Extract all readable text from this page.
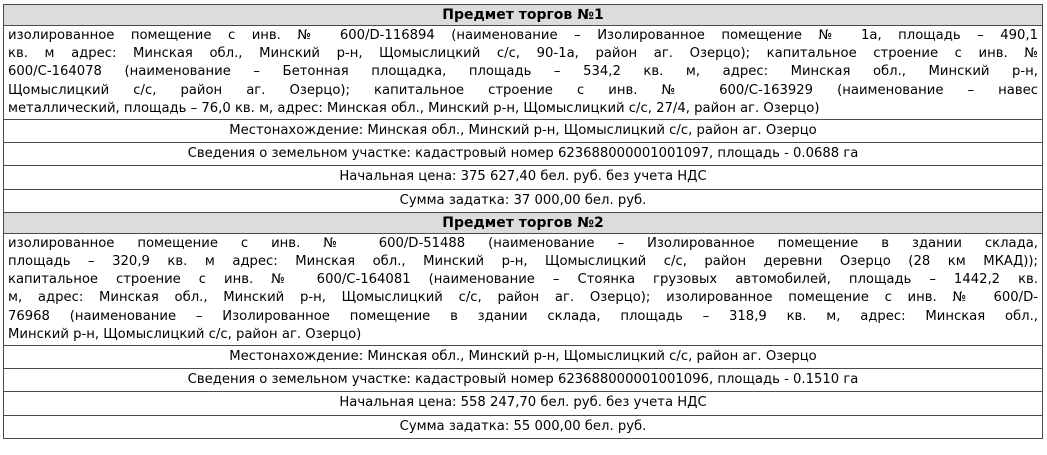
Предмет торгов №1

изолированное помещение с инв. № 600/D-116894 (наименование – Изолированное помещение № 1а, площадь – 490,1
кв. м адрес: Минская обл., Минский р-н, Щомыслицкий с/с, 90-1а, район аг. Озерцо); капитальное строение с инв. №
600/С-164078 (наименование – Бетонная площадка, площадь – 534,2 кв. м, адрес: Минская обл., Минский р-н,
Щомыслицкий с/с, район аг. Озерцо); капитальное строение с инв. № 600/С-163929 (наименование – навес
металлический, площадь – 76,0 кв. м, адрес: Минская обл., Минский р-н, Щомыслицкий с/с, 27/4, район аг. Озерцо)

Местонахождение: Минская обл., Минский р-н, Щомыслицкий с/с, район аг. Озерцо
Сведения о земельном участке: кадастровый номер 623688000001001097, площадь - 0.0688 га
Начальная цена: 375 627,40 бел. руб. без учета НДС
Сумма задатка: 37 000,00 бел. руб.
Предмет торгов №2

изолированное помещение с инв. № 600/D-51488 (наименование – Изолированное помещение в здании склада,
площадь – 320,9 кв. м адрес: Минская обл., Минский р-н, Щомыслицкий с/с, район деревни Озерцо (28 км МКАД));
капитальное строение с инв. № 600/С-164081 (наименование – Стоянка грузовых автомобилей, площадь – 1442,2 кв.
м, адрес: Минская обл., Минский р-н, Щомыслицкий с/с, район аг. Озерцо); изолированное помещение с инв. № 600/D-
76968 (наименование – Изолированное помещение в здании склада, площадь – 318,9 кв. м, адрес: Минская обл.,
Минский р-н, Щомыслицкий с/с, район аг. Озерцо)

Местонахождение: Минская обл., Минский р-н, Щомыслицкий с/с, район аг. Озерцо
Сведения о земельном участке: кадастровый номер 623688000001001096, площадь - 0.1510 га
Начальная цена: 558 247,70 бел. руб. без учета НДС
Сумма задатка: 55 000,00 бел. руб.
